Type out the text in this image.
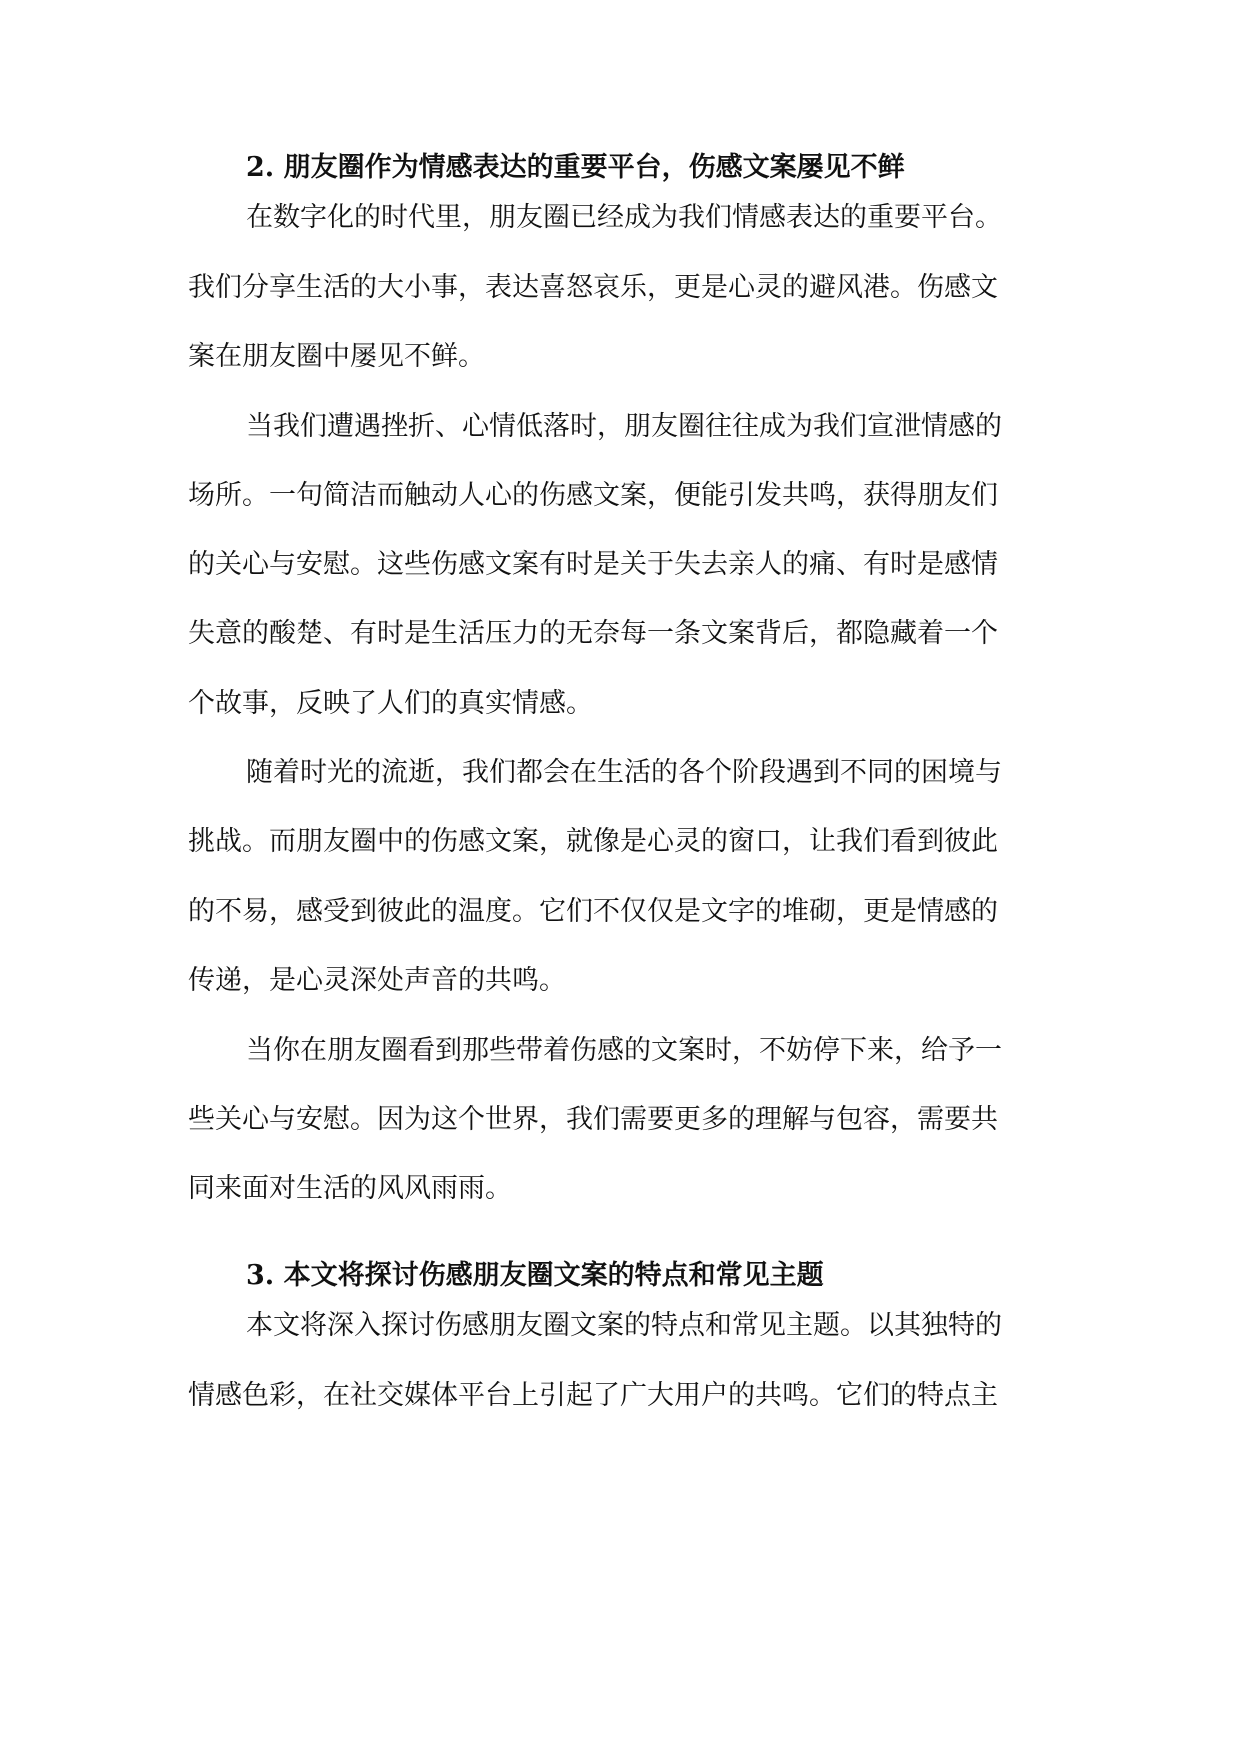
2. 朋友圈作为情感表达的重要平台，伤感文案屡见不鲜

在数字化的时代里，朋友圈已经成为我们情感表达的重要平台。

我们分享生活的大小事，表达喜怒哀乐，更是心灵的避风港。伤感文

案在朋友圈中屡见不鲜。

当我们遭遇挫折、心情低落时，朋友圈往往成为我们宣泄情感的

场所。一句简洁而触动人心的伤感文案，便能引发共鸣，获得朋友们

的关心与安慰。这些伤感文案有时是关于失去亲人的痛、有时是感情

失意的酸楚、有时是生活压力的无奈每一条文案背后，都隐藏着一个

个故事，反映了人们的真实情感。

随着时光的流逝，我们都会在生活的各个阶段遇到不同的困境与

挑战。而朋友圈中的伤感文案，就像是心灵的窗口，让我们看到彼此

的不易，感受到彼此的温度。它们不仅仅是文字的堆砌，更是情感的

传递，是心灵深处声音的共鸣。

当你在朋友圈看到那些带着伤感的文案时，不妨停下来，给予一

些关心与安慰。因为这个世界，我们需要更多的理解与包容，需要共

同来面对生活的风风雨雨。

3. 本文将探讨伤感朋友圈文案的特点和常见主题

本文将深入探讨伤感朋友圈文案的特点和常见主题。以其独特的

情感色彩，在社交媒体平台上引起了广大用户的共鸣。它们的特点主
